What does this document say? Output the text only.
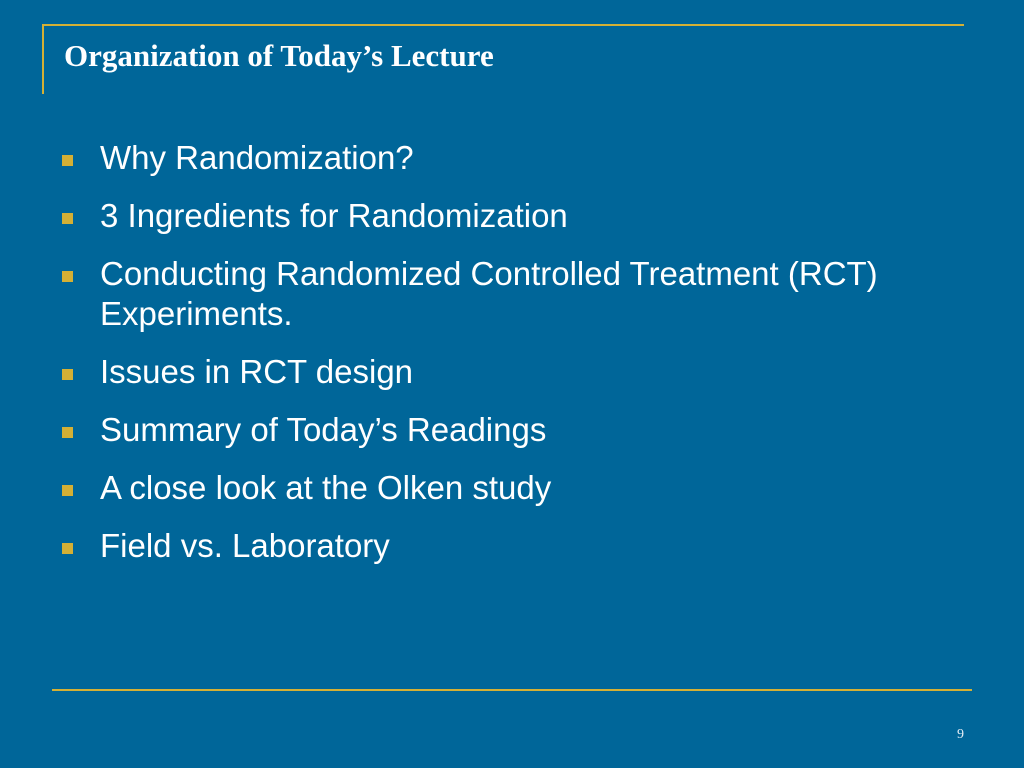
Organization of Today’s Lecture
Why Randomization?
3 Ingredients for Randomization
Conducting Randomized Controlled Treatment (RCT) Experiments.
Issues in RCT design
Summary of Today’s Readings
A close look at the Olken study
Field vs. Laboratory
9
